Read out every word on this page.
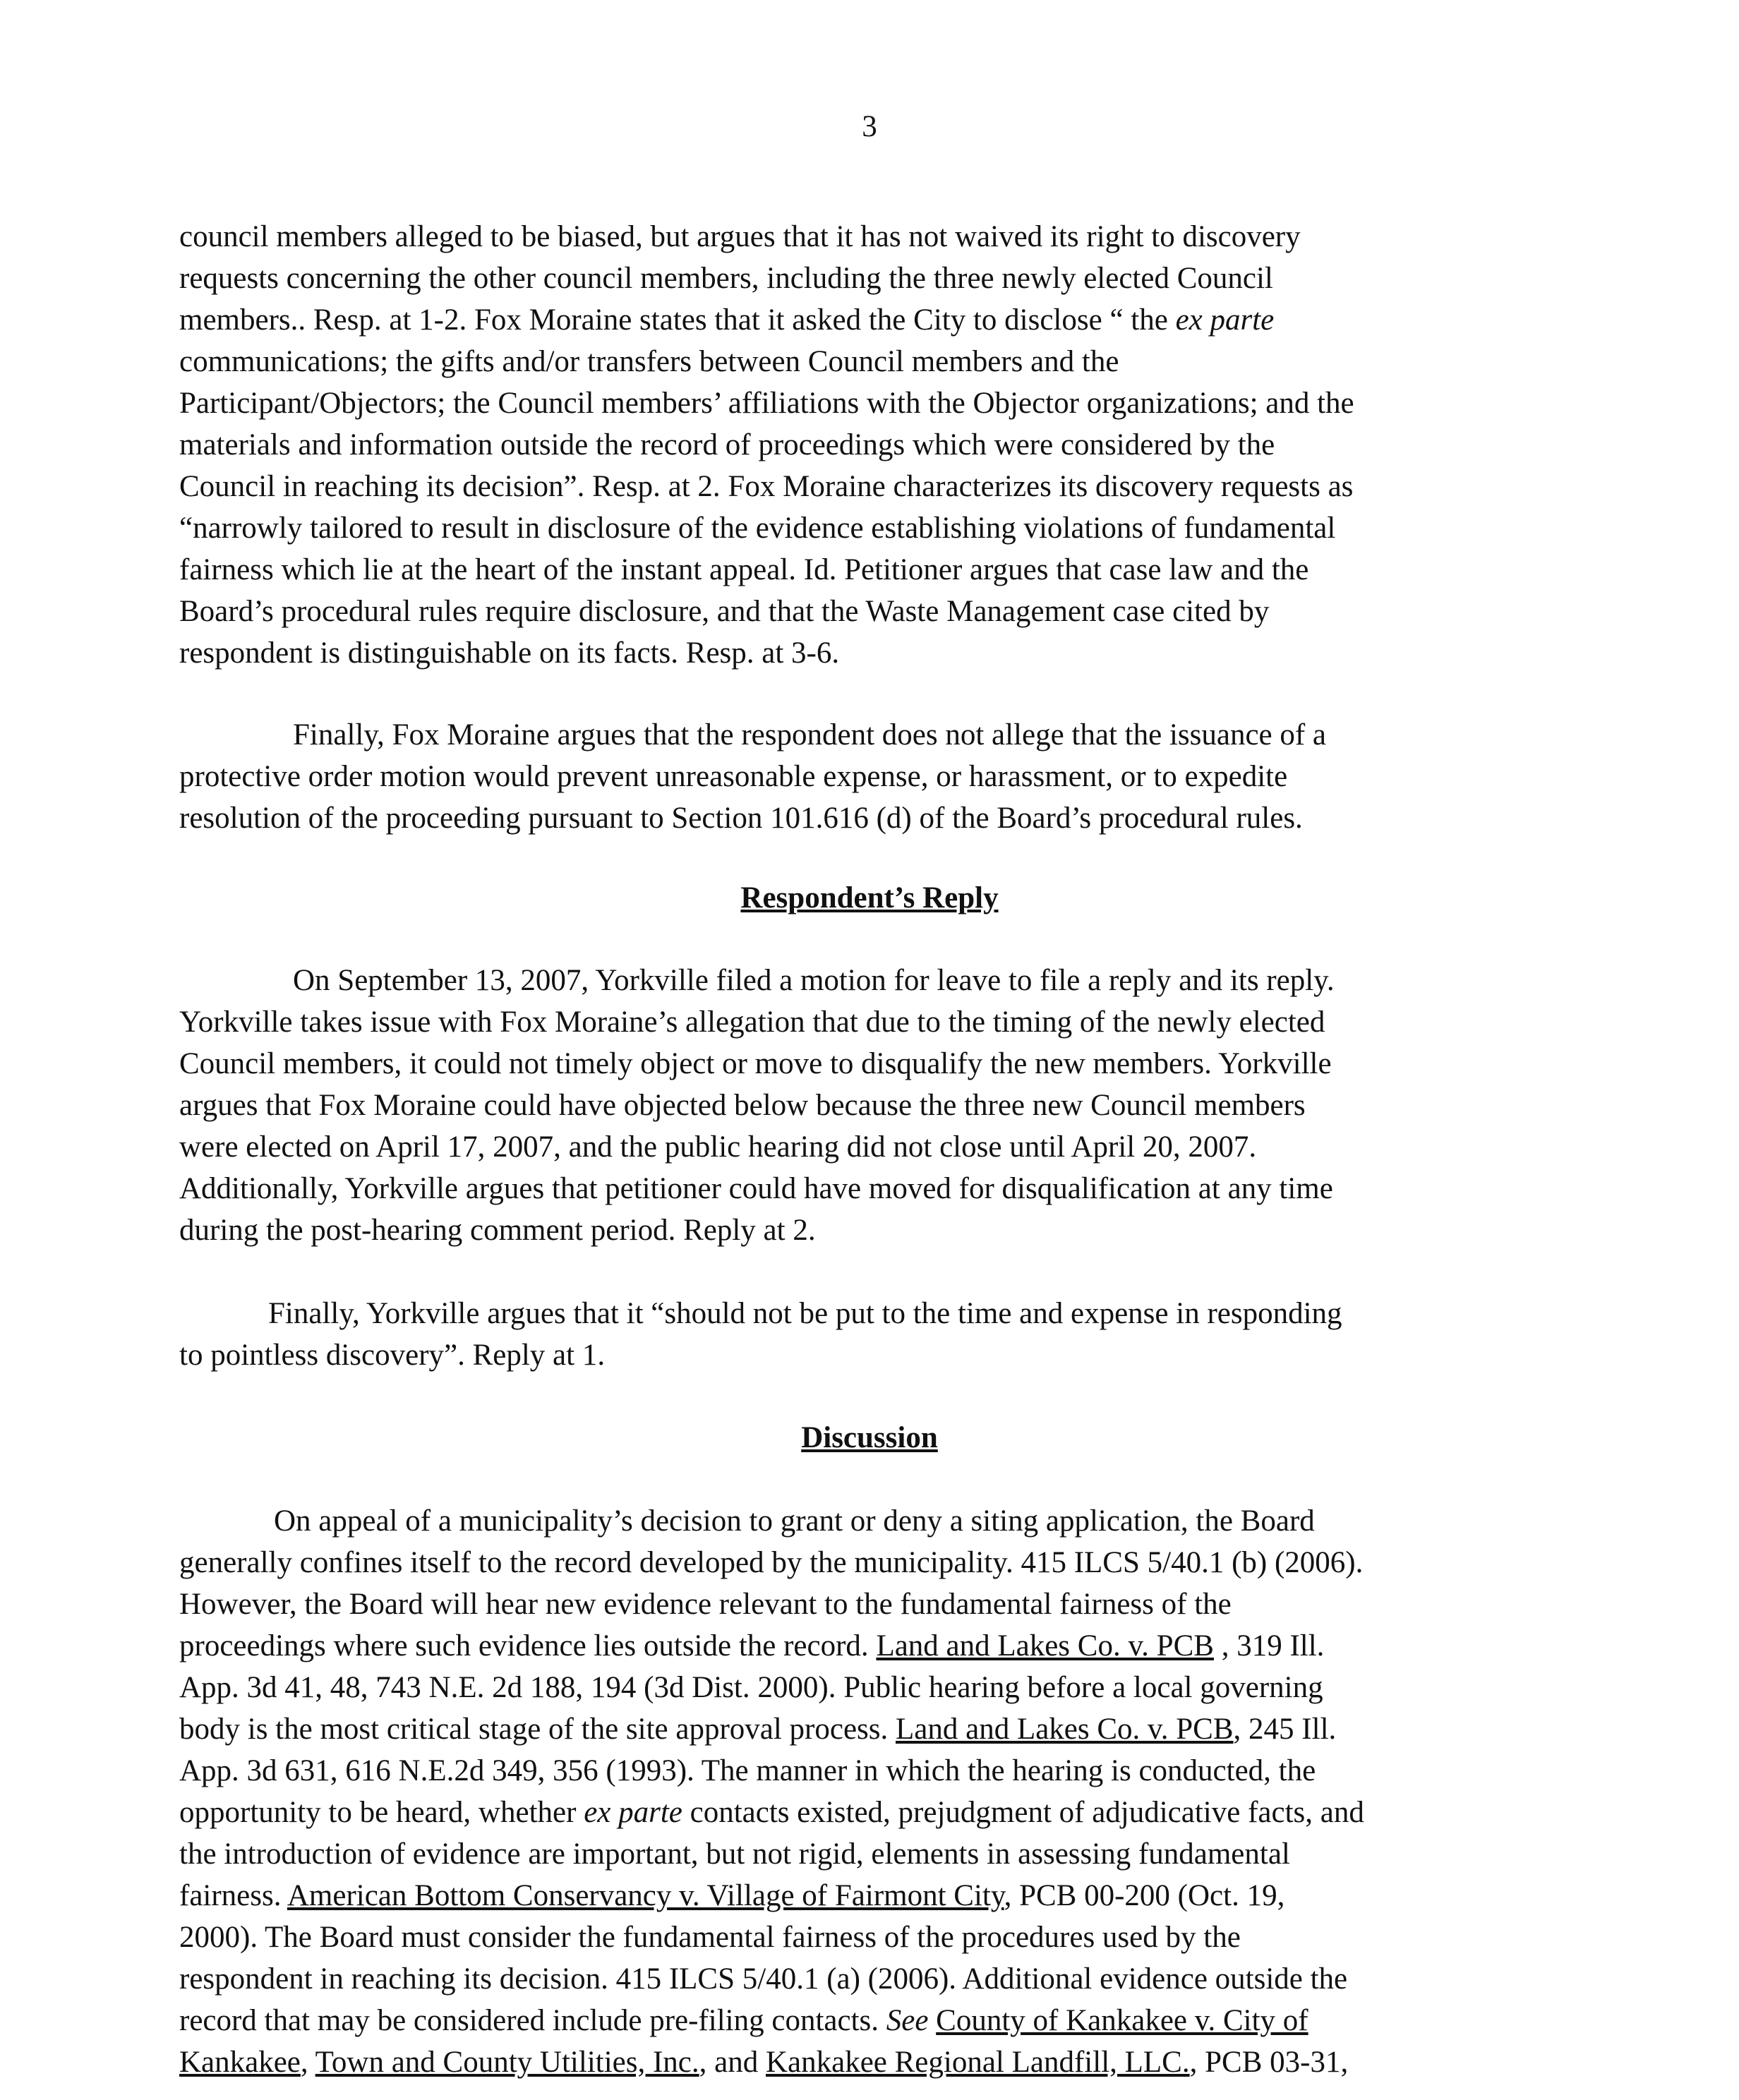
3
council members alleged to be biased, but argues that it has not waived its right to discovery
requests concerning the other council members, including the three newly elected Council
members.. Resp. at 1-2. Fox Moraine states that it asked the City to disclose “ the ex parte
communications; the gifts and/or transfers between Council members and the
Participant/Objectors; the Council members’ affiliations with the Objector organizations; and the
materials and information outside the record of proceedings which were considered by the
Council in reaching its decision”. Resp. at 2. Fox Moraine characterizes its discovery requests as
“narrowly tailored to result in disclosure of the evidence establishing violations of fundamental
fairness which lie at the heart of the instant appeal. Id. Petitioner argues that case law and the
Board’s procedural rules require disclosure, and that the Waste Management case cited by
respondent is distinguishable on its facts. Resp. at 3-6.
Finally, Fox Moraine argues that the respondent does not allege that the issuance of a
protective order motion would prevent unreasonable expense, or harassment, or to expedite
resolution of the proceeding pursuant to Section 101.616 (d) of the Board’s procedural rules.
Respondent’s Reply
On September 13, 2007, Yorkville filed a motion for leave to file a reply and its reply.
Yorkville takes issue with Fox Moraine’s allegation that due to the timing of the newly elected
Council members, it could not timely object or move to disqualify the new members. Yorkville
argues that Fox Moraine could have objected below because the three new Council members
were elected on April 17, 2007, and the public hearing did not close until April 20, 2007.
Additionally, Yorkville argues that petitioner could have moved for disqualification at any time
during the post-hearing comment period. Reply at 2.
Finally, Yorkville argues that it “should not be put to the time and expense in responding
to pointless discovery”. Reply at 1.
Discussion
On appeal of a municipality’s decision to grant or deny a siting application, the Board
generally confines itself to the record developed by the municipality. 415 ILCS 5/40.1 (b) (2006).
However, the Board will hear new evidence relevant to the fundamental fairness of the
proceedings where such evidence lies outside the record. Land and Lakes Co. v. PCB , 319 Ill.
App. 3d 41, 48, 743 N.E. 2d 188, 194 (3d Dist. 2000). Public hearing before a local governing
body is the most critical stage of the site approval process. Land and Lakes Co. v. PCB, 245 Ill.
App. 3d 631, 616 N.E.2d 349, 356 (1993). The manner in which the hearing is conducted, the
opportunity to be heard, whether ex parte contacts existed, prejudgment of adjudicative facts, and
the introduction of evidence are important, but not rigid, elements in assessing fundamental
fairness. American Bottom Conservancy v. Village of Fairmont City, PCB 00-200 (Oct. 19,
2000). The Board must consider the fundamental fairness of the procedures used by the
respondent in reaching its decision. 415 ILCS 5/40.1 (a) (2006). Additional evidence outside the
record that may be considered include pre-filing contacts. See County of Kankakee v. City of
Kankakee, Town and County Utilities, Inc., and Kankakee Regional Landfill, LLC., PCB 03-31,
